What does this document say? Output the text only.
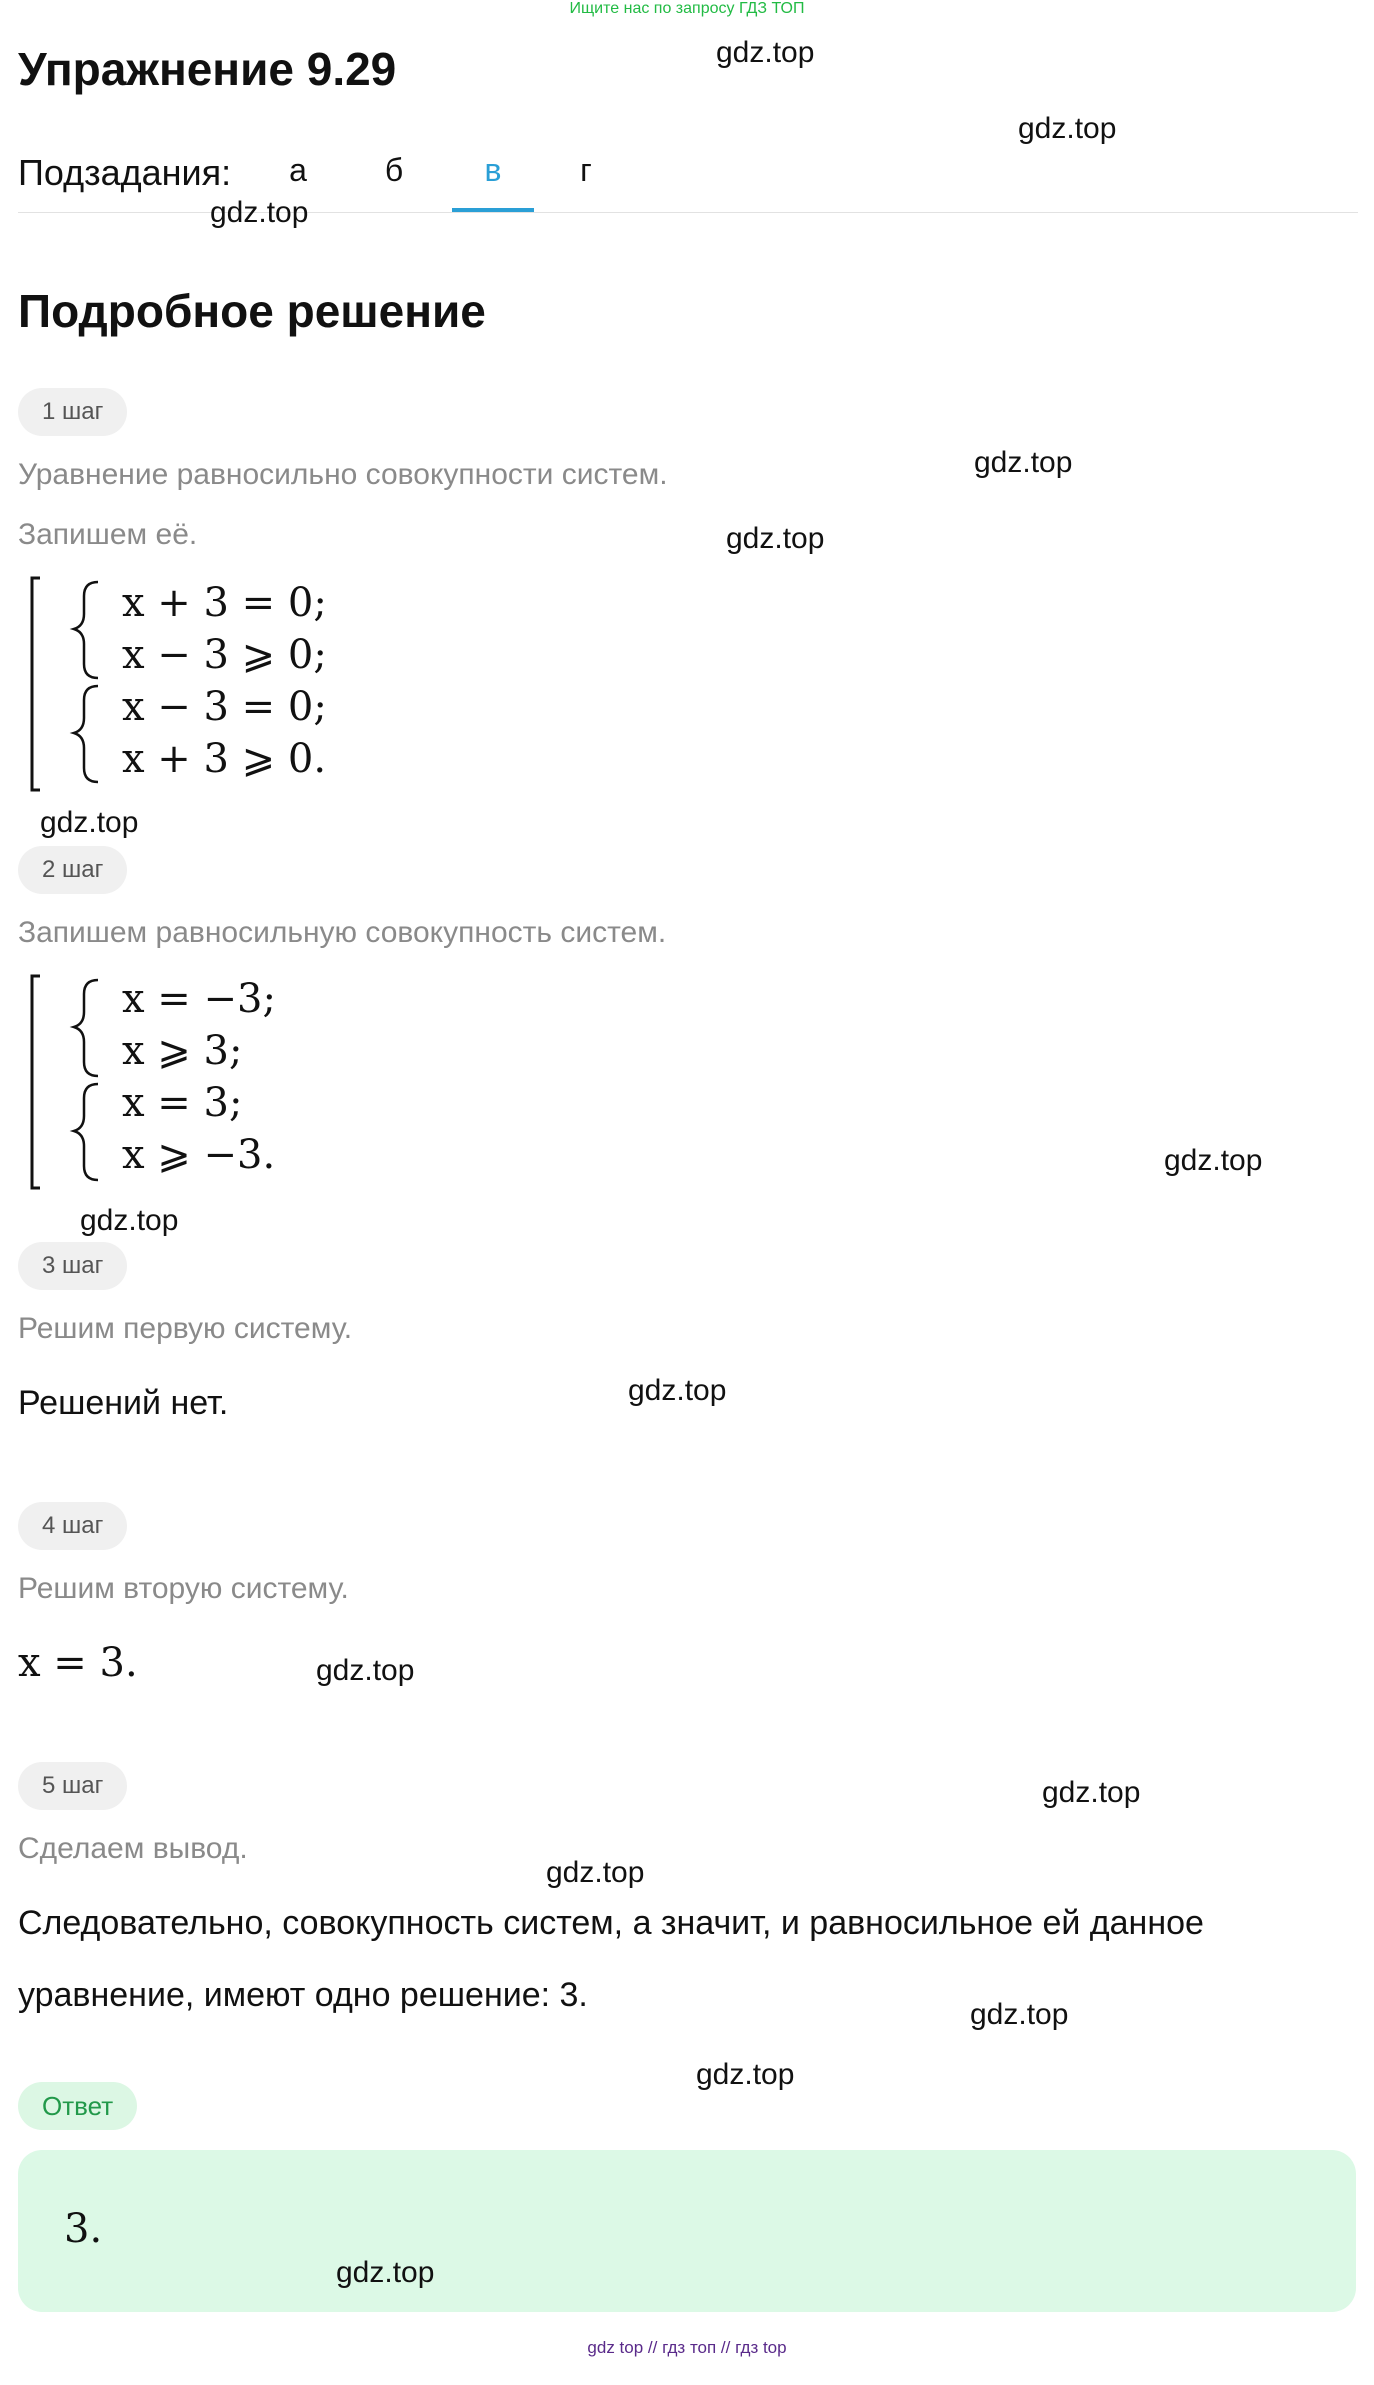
Ищите нас по запросу ГДЗ ТОП
Упражнение 9.29
Подзадания:	а	б	в	г
Подробное решение
1 шаг
Уравнение равносильно совокупности систем.
Запишем её.
x + 3 = 0;
x − 3 ⩾ 0;
x − 3 = 0;
x + 3 ⩾ 0.
2 шаг
Запишем равносильную совокупность систем.
x = −3;
x ⩾ 3;
x = 3;
x ⩾ −3.
3 шаг
Решим первую систему.
Решений нет.
4 шаг
Решим вторую систему.
x = 3.
5 шаг
Сделаем вывод.
Следовательно, совокупность систем, а значит, и равносильное ей данное
уравнение, имеют одно решение: 3.
Ответ
3.
gdz.top
gdz.top
gdz.top
gdz.top
gdz.top
gdz.top
gdz.top
gdz.top
gdz.top
gdz.top
gdz.top
gdz.top
gdz.top
gdz.top
gdz.top
gdz top // гдз топ // гдз top
